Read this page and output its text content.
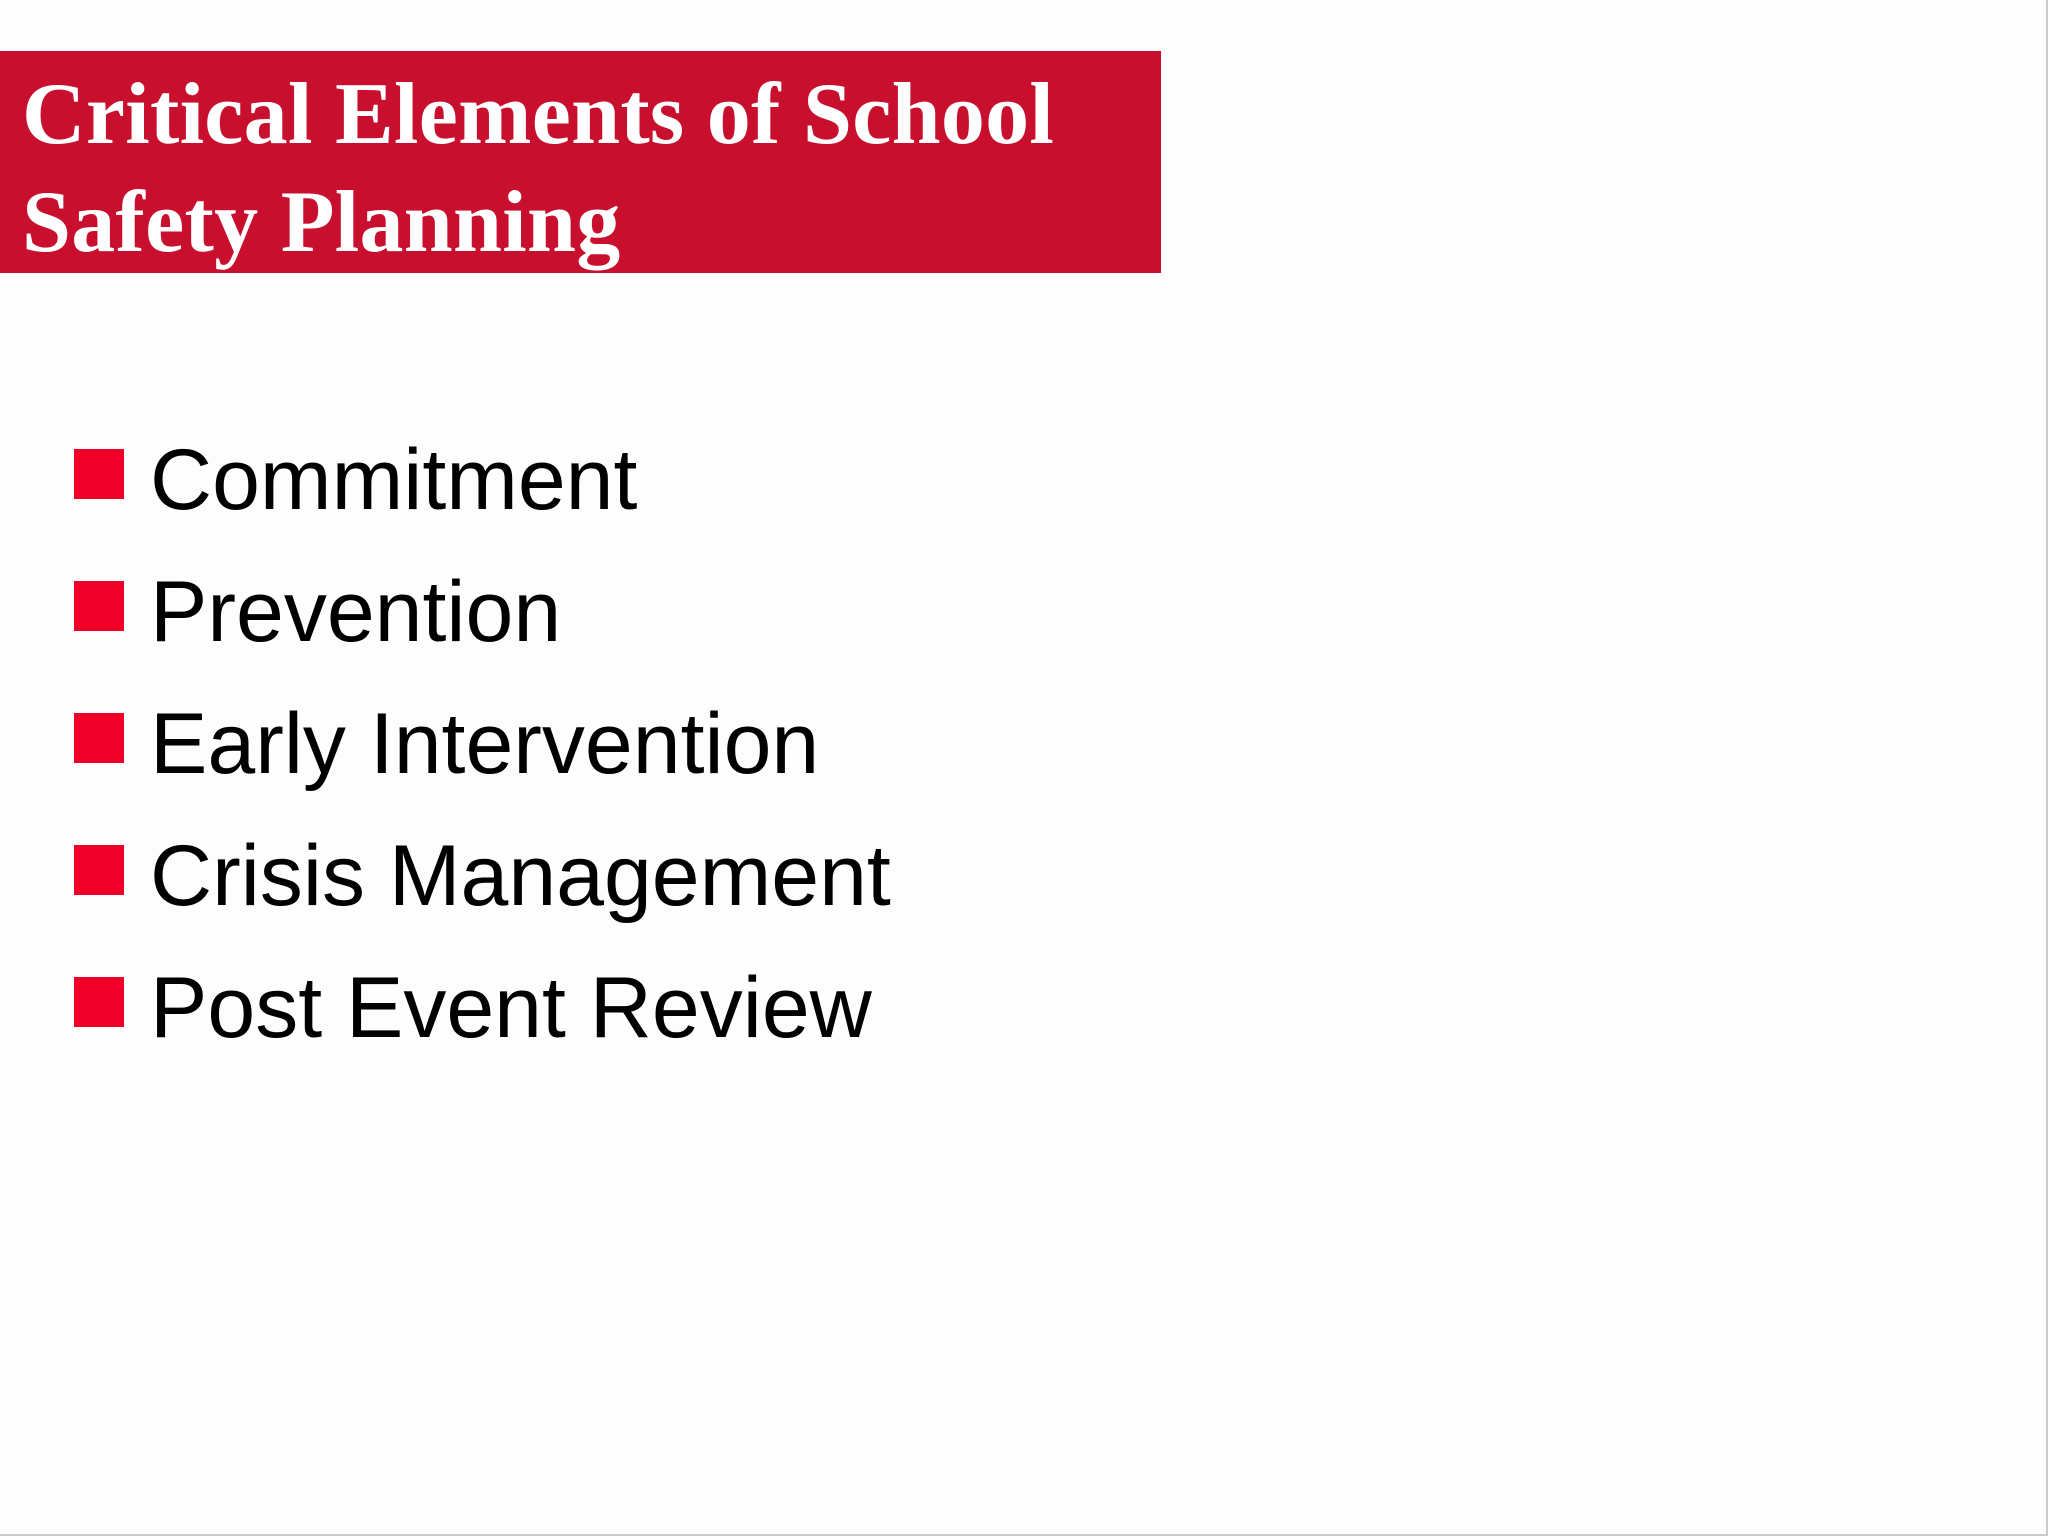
Critical Elements of School Safety Planning
Commitment
Prevention
Early Intervention
Crisis Management
Post Event Review
